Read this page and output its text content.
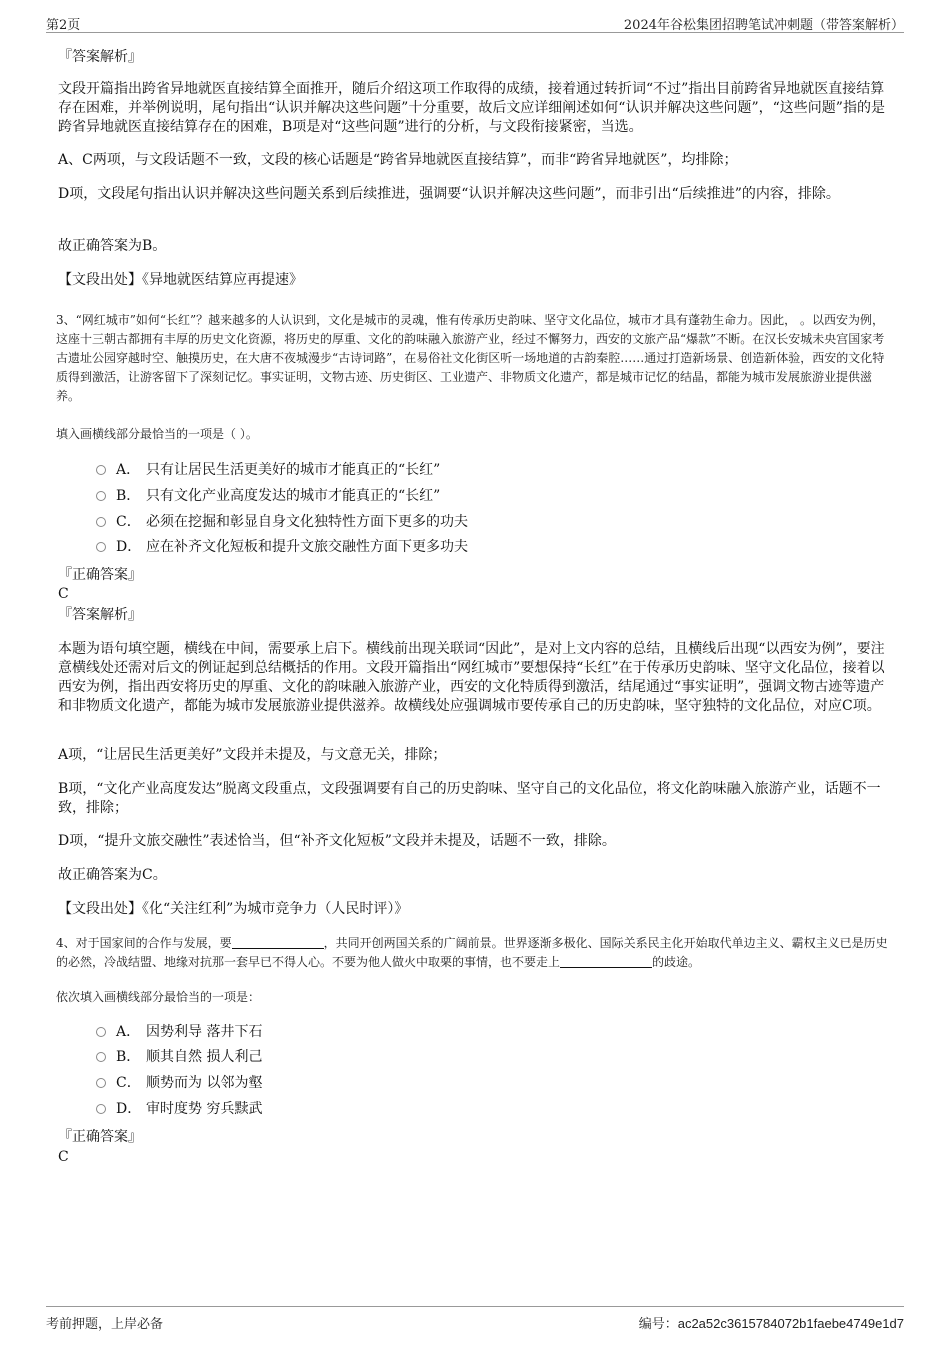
第2页	2024年谷松集团招聘笔试冲刺题（带答案解析）
『答案解析』

文段开篇指出跨省异地就医直接结算全面推开，随后介绍这项工作取得的成绩，接着通过转折词“不过”指出目前跨省异地就医直接结算存在困难，并举例说明，尾句指出“认识并解决这些问题”十分重要，故后文应详细阐述如何“认识并解决这些问题”，“这些问题”指的是跨省异地就医直接结算存在的困难，B项是对“这些问题”进行的分析，与文段衔接紧密，当选。

A、C两项，与文段话题不一致，文段的核心话题是“跨省异地就医直接结算”，而非“跨省异地就医”，均排除；

D项，文段尾句指出认识并解决这些问题关系到后续推进，强调要“认识并解决这些问题”，而非引出“后续推进”的内容，排除。

故正确答案为B。
【文段出处】《异地就医结算应再提速》

3、“网红城市”如何“长红”？越来越多的人认识到，文化是城市的灵魂，惟有传承历史韵味、坚守文化品位，城市才具有蓬勃生命力。因此， 。以西安为例，这座十三朝古都拥有丰厚的历史文化资源，将历史的厚重、文化的韵味融入旅游产业，经过不懈努力，西安的文旅产品“爆款”不断。在汉长安城未央宫国家考古遗址公园穿越时空、触摸历史，在大唐不夜城漫步“古诗词路”，在易俗社文化街区听一场地道的古韵秦腔……通过打造新场景、创造新体验，西安的文化特质得到激活，让游客留下了深刻记忆。事实证明，文物古迹、历史街区、工业遗产、非物质文化遗产，都是城市记忆的结晶，都能为城市发展旅游业提供滋养。

填入画横线部分最恰当的一项是（ ）。
A． 只有让居民生活更美好的城市才能真正的“长红”
B． 只有文化产业高度发达的城市才能真正的“长红”
C． 必须在挖掘和彰显自身文化独特性方面下更多的功夫
D． 应在补齐文化短板和提升文旅交融性方面下更多功夫
『正确答案』
C
『答案解析』

本题为语句填空题，横线在中间，需要承上启下。横线前出现关联词“因此”，是对上文内容的总结，且横线后出现“以西安为例”，要注意横线处还需对后文的例证起到总结概括的作用。文段开篇指出“网红城市”要想保持“长红”在于传承历史韵味、坚守文化品位，接着以西安为例，指出西安将历史的厚重、文化的韵味融入旅游产业，西安的文化特质得到激活，结尾通过“事实证明”，强调文物古迹等遗产和非物质文化遗产，都能为城市发展旅游业提供滋养。故横线处应强调城市要传承自己的历史韵味，坚守独特的文化品位，对应C项。

A项，“让居民生活更美好”文段并未提及，与文意无关，排除；

B项，“文化产业高度发达”脱离文段重点，文段强调要有自己的历史韵味、坚守自己的文化品位，将文化韵味融入旅游产业，话题不一致，排除；

D项，“提升文旅交融性”表述恰当，但“补齐文化短板”文段并未提及，话题不一致，排除。

故正确答案为C。
【文段出处】《化“关注红利”为城市竞争力（人民时评）》
4、对于国家间的合作与发展，要	，共同开创两国关系的广阔前景。世界逐渐多极化、国际关系民主化开始取代单边主义、霸权主义已是历史的必然，冷战结盟、地缘对抗那一套早已不得人心。不要为他人做火中取栗的事情，也不要走上	的歧途。
依次填入画横线部分最恰当的一项是：
A． 因势利导 落井下石
B． 顺其自然 损人利己
C． 顺势而为 以邻为壑
D． 审时度势 穷兵黩武
『正确答案』
C
考前押题，上岸必备	编号：ac2a52c3615784072b1faebe4749e1d7
